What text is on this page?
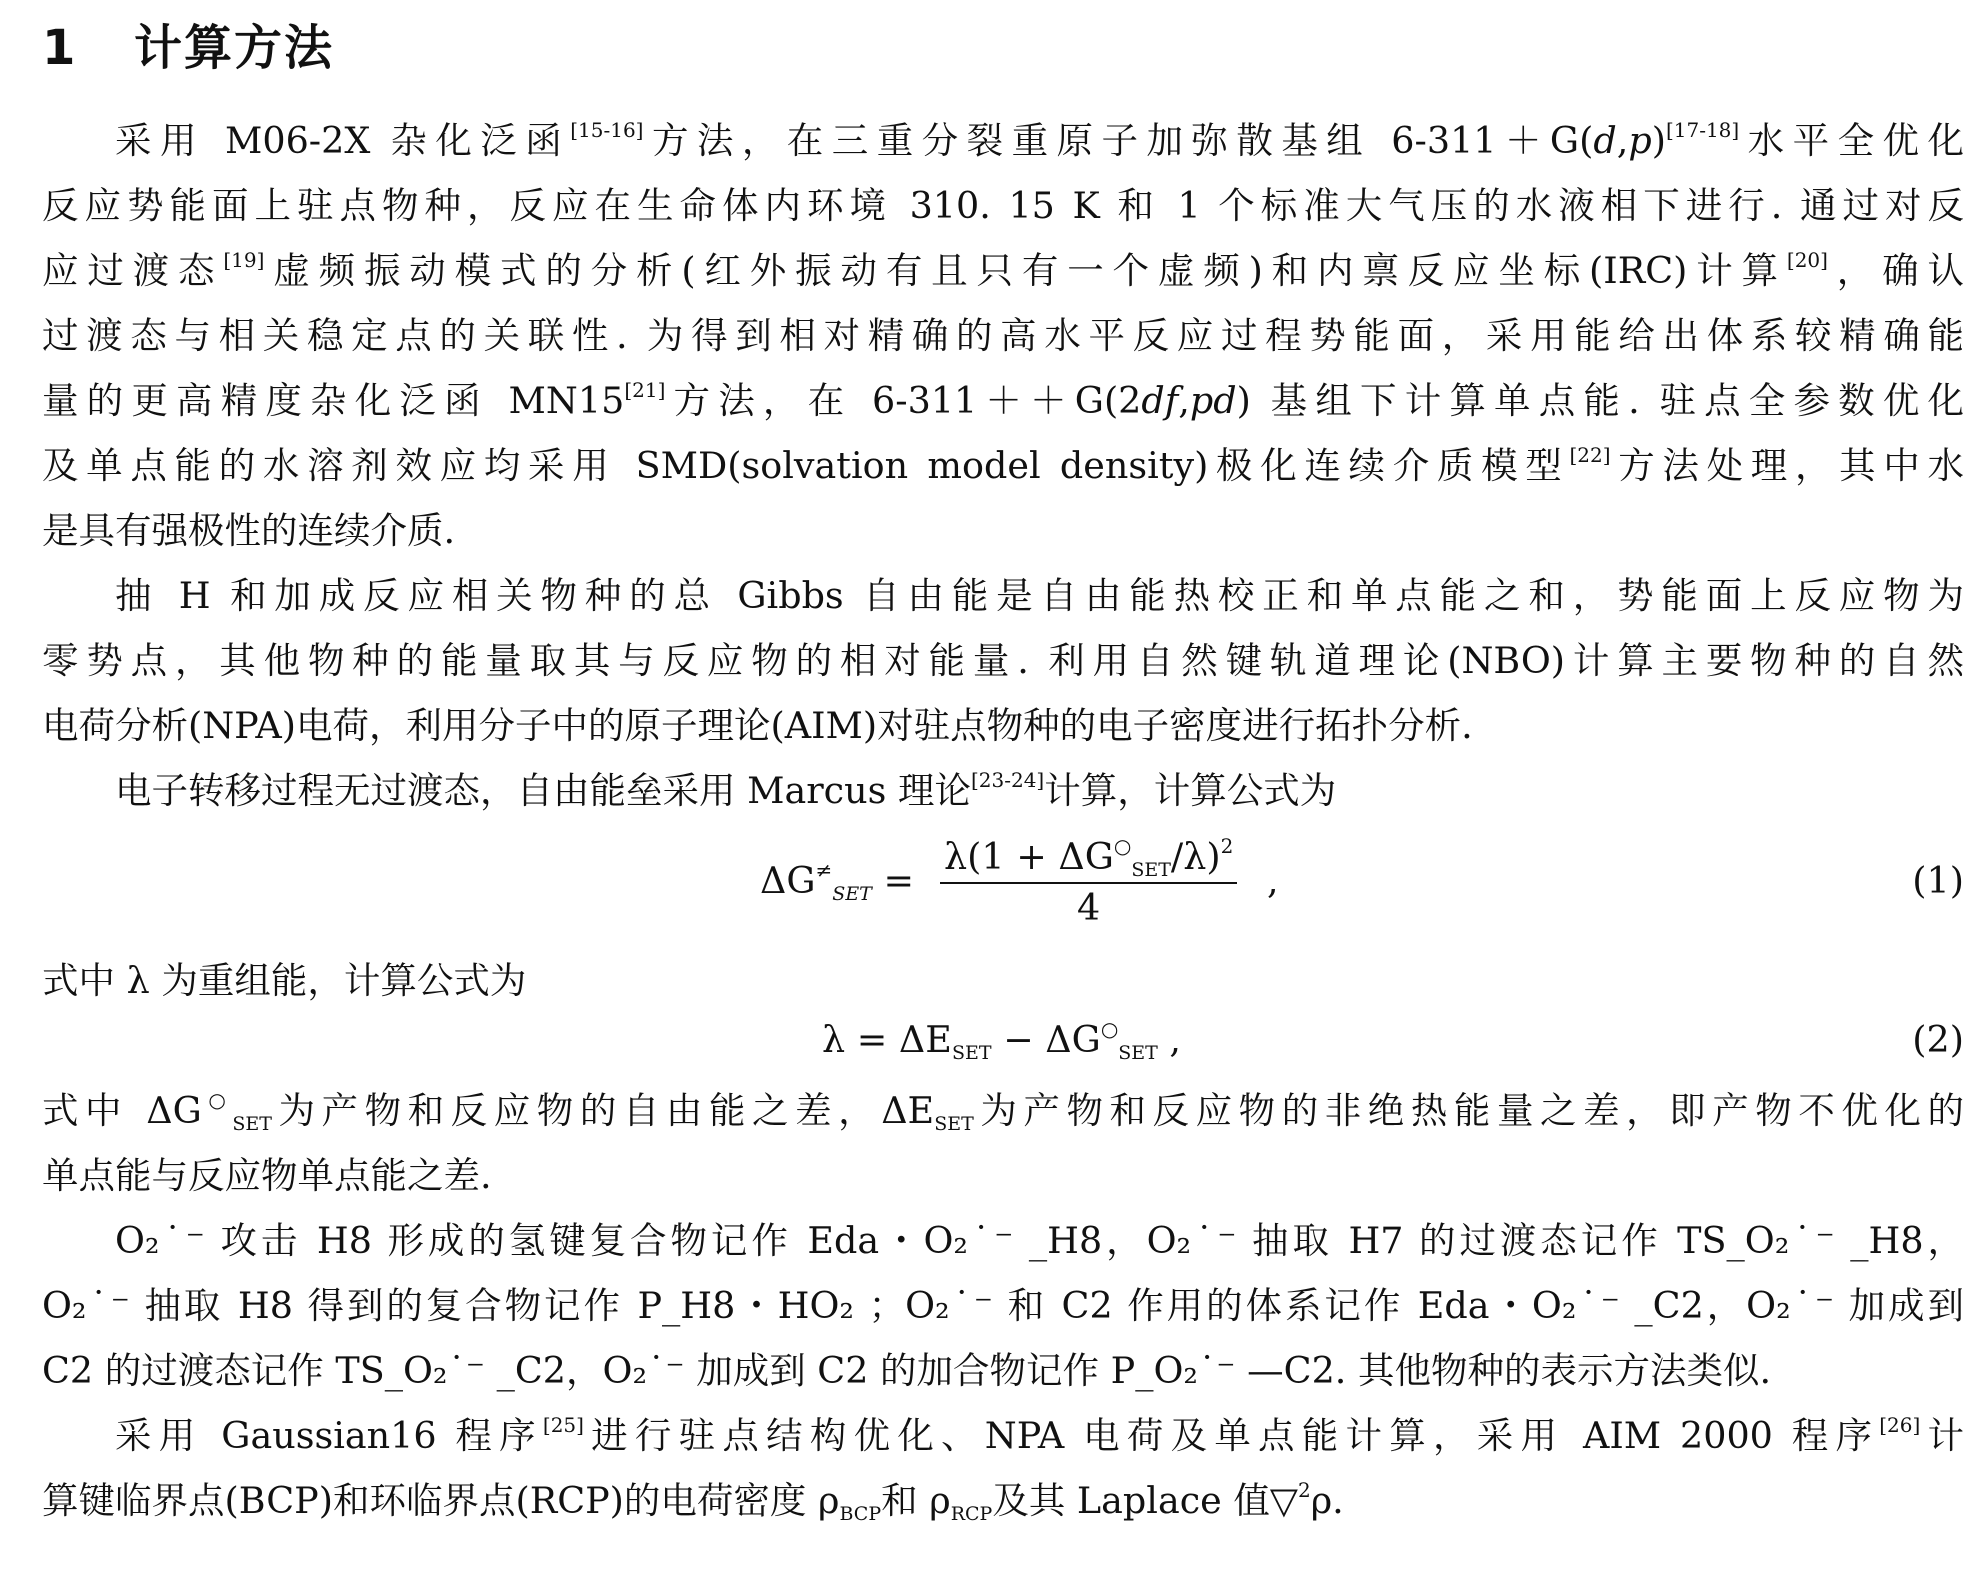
1 计算方法
采用 M06-2X 杂化泛函[15-16]方法，在三重分裂重原子加弥散基组 6-311＋G(d,p)[17-18]水平全优化
反应势能面上驻点物种，反应在生命体内环境 310. 15 K 和 1 个标准大气压的水液相下进行. 通过对反
应过渡态[19]虚频振动模式的分析(红外振动有且只有一个虚频)和内禀反应坐标(IRC)计算[20]，确认
过渡态与相关稳定点的关联性. 为得到相对精确的高水平反应过程势能面，采用能给出体系较精确能
量的更高精度杂化泛函 MN15[21]方法，在 6-311＋＋G(2df,pd) 基组下计算单点能. 驻点全参数优化
及单点能的水溶剂效应均采用 SMD(solvation model density)极化连续介质模型[22]方法处理，其中水
是具有强极性的连续介质.
抽 H 和加成反应相关物种的总 Gibbs 自由能是自由能热校正和单点能之和，势能面上反应物为
零势点，其他物种的能量取其与反应物的相对能量. 利用自然键轨道理论(NBO)计算主要物种的自然
电荷分析(NPA)电荷，利用分子中的原子理论(AIM)对驻点物种的电子密度进行拓扑分析.
电子转移过程无过渡态，自由能垒采用 Marcus 理论[23-24]计算，计算公式为
$\Delta G^\ne_{SET}$ =
$\lambda(1 + \Delta G^○_{SET}/\lambda)^2$
4
,	(1)
式中 λ 为重组能，计算公式为
$\lambda = \Delta E_{SET} - \Delta G^○_{SET}$ ,	(2)
式中 $\Delta G^○_{SET}$为产物和反应物的自由能之差，$\Delta E_{SET}$为产物和反应物的非绝热能量之差，即产物不优化的
单点能与反应物单点能之差.
O₂˙⁻ 攻击 H8 形成的氢键复合物记作 Eda・O₂˙⁻ _H8，O₂˙⁻ 抽取 H7 的过渡态记作 TS_O₂˙⁻ _H8，
O₂˙⁻ 抽取 H8 得到的复合物记作 P_H8・HO₂ ；O₂˙⁻ 和 C2 作用的体系记作 Eda・O₂˙⁻ _C2，O₂˙⁻ 加成到
C2 的过渡态记作 TS_O₂˙⁻ _C2，O₂˙⁻ 加成到 C2 的加合物记作 P_O₂˙⁻ —C2. 其他物种的表示方法类似.
采用 Gaussian16 程序[25]进行驻点结构优化、NPA 电荷及单点能计算，采用 AIM 2000 程序[26]计
算键临界点(BCP)和环临界点(RCP)的电荷密度 $\rho_{BCP}$和 $\rho_{RCP}$及其 Laplace 值▽$^2$ρ.
